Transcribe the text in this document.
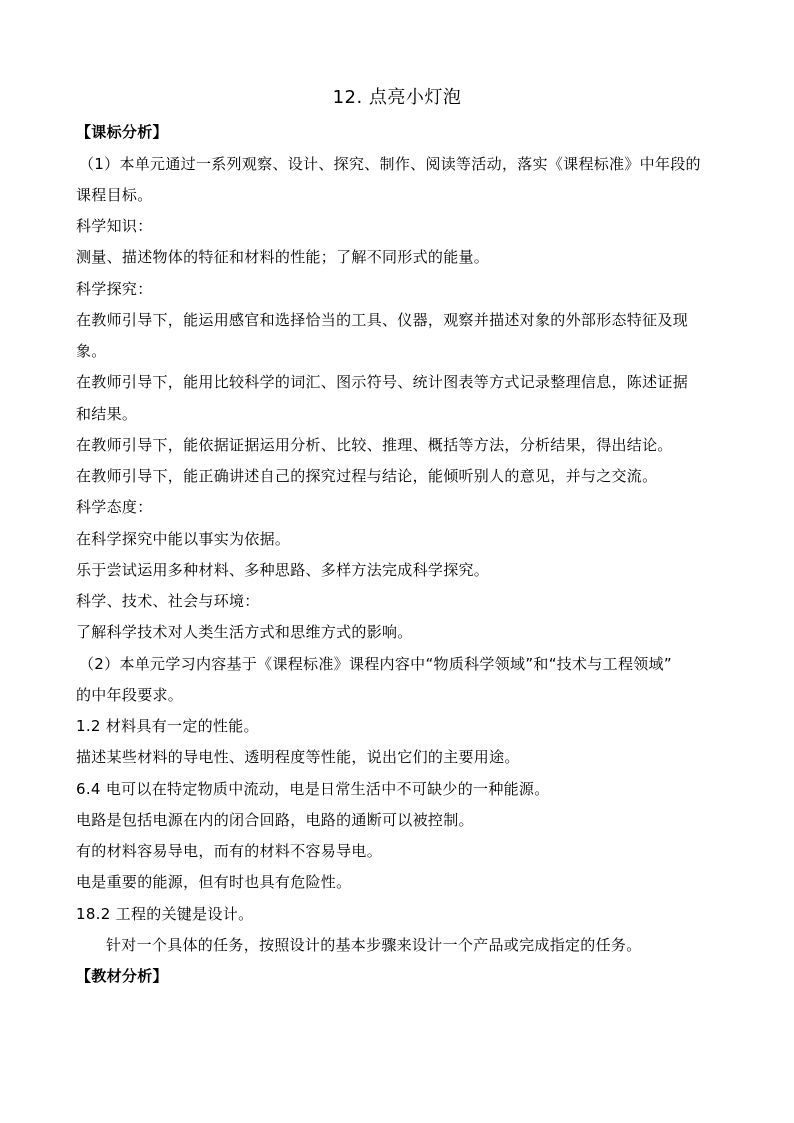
12. 点亮小灯泡
【课标分析】
（1）本单元通过一系列观察、设计、探究、制作、阅读等活动，落实《课程标准》中年段的
课程目标。
科学知识：
测量、描述物体的特征和材料的性能；了解不同形式的能量。
科学探究：
在教师引导下，能运用感官和选择恰当的工具、仪器，观察并描述对象的外部形态特征及现
象。
在教师引导下，能用比较科学的词汇、图示符号、统计图表等方式记录整理信息，陈述证据
和结果。
在教师引导下，能依据证据运用分析、比较、推理、概括等方法，分析结果，得出结论。
在教师引导下，能正确讲述自己的探究过程与结论，能倾听别人的意见，并与之交流。
科学态度：
在科学探究中能以事实为依据。
乐于尝试运用多种材料、多种思路、多样方法完成科学探究。
科学、技术、社会与环境：
了解科学技术对人类生活方式和思维方式的影响。
（2）本单元学习内容基于《课程标准》课程内容中“物质科学领域”和“技术与工程领域”
的中年段要求。
1.2 材料具有一定的性能。
描述某些材料的导电性、透明程度等性能，说出它们的主要用途。
6.4 电可以在特定物质中流动，电是日常生活中不可缺少的一种能源。
电路是包括电源在内的闭合回路，电路的通断可以被控制。
有的材料容易导电，而有的材料不容易导电。
电是重要的能源，但有时也具有危险性。
18.2 工程的关键是设计。
针对一个具体的任务，按照设计的基本步骤来设计一个产品或完成指定的任务。
【教材分析】
